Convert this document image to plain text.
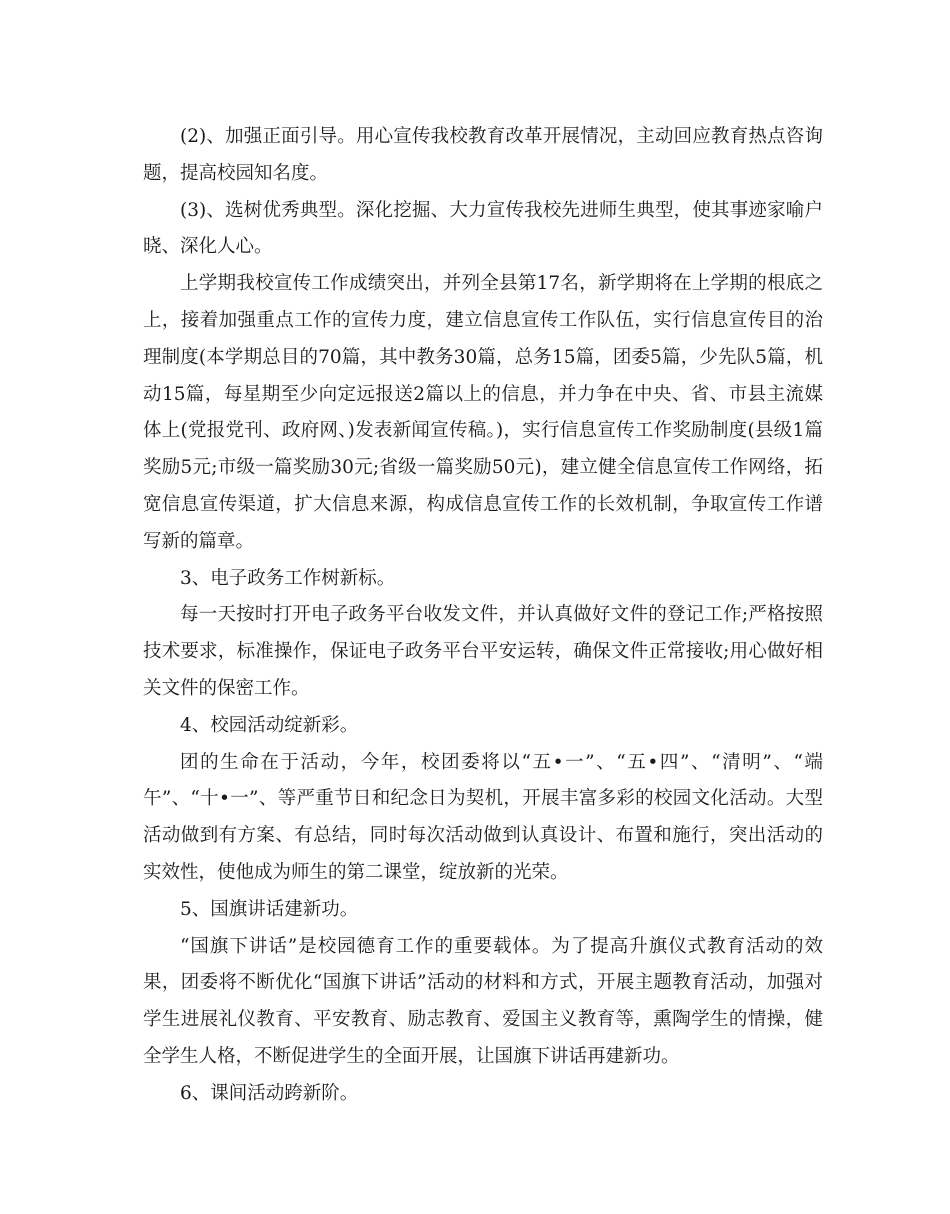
(2)、加强正面引导。用心宣传我校教育改革开展情况，主动回应教育热点咨询题，提高校园知名度。

(3)、选树优秀典型。深化挖掘、大力宣传我校先进师生典型，使其事迹家喻户晓、深化人心。

上学期我校宣传工作成绩突出，并列全县第17名，新学期将在上学期的根底之上，接着加强重点工作的宣传力度，建立信息宣传工作队伍，实行信息宣传目的治理制度(本学期总目的70篇，其中教务30篇，总务15篇，团委5篇，少先队5篇，机动15篇，每星期至少向定远报送2篇以上的信息，并力争在中央、省、市县主流媒体上(党报党刊、政府网、)发表新闻宣传稿。)，实行信息宣传工作奖励制度(县级1篇奖励5元;市级一篇奖励30元;省级一篇奖励50元)，建立健全信息宣传工作网络，拓宽信息宣传渠道，扩大信息来源，构成信息宣传工作的长效机制，争取宣传工作谱写新的篇章。

3、电子政务工作树新标。

每一天按时打开电子政务平台收发文件，并认真做好文件的登记工作;严格按照技术要求，标准操作，保证电子政务平台平安运转，确保文件正常接收;用心做好相关文件的保密工作。

4、校园活动绽新彩。

团的生命在于活动，今年，校团委将以“五•一”、“五•四”、“清明”、“端午”、“十•一”、等严重节日和纪念日为契机，开展丰富多彩的校园文化活动。大型活动做到有方案、有总结，同时每次活动做到认真设计、布置和施行，突出活动的实效性，使他成为师生的第二课堂，绽放新的光荣。

5、国旗讲话建新功。

“国旗下讲话”是校园德育工作的重要载体。为了提高升旗仪式教育活动的效果，团委将不断优化“国旗下讲话”活动的材料和方式，开展主题教育活动，加强对学生进展礼仪教育、平安教育、励志教育、爱国主义教育等，熏陶学生的情操，健全学生人格，不断促进学生的全面开展，让国旗下讲话再建新功。

6、课间活动跨新阶。
